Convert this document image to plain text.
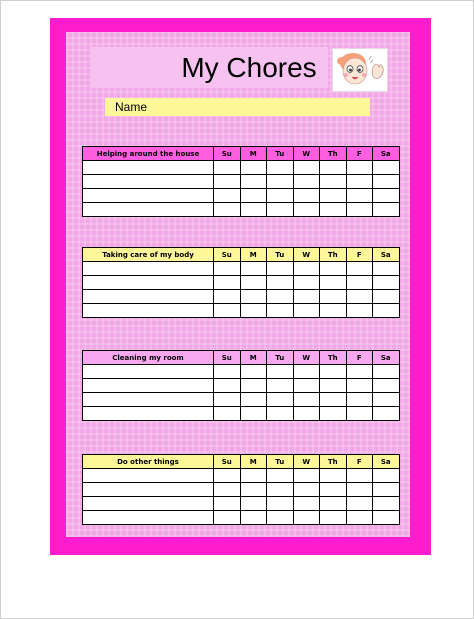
My Chores
Name
Helping around the house	Su	M	Tu	W	Th	F	Sa

Taking care of my body	Su	M	Tu	W	Th	F	Sa

Cleaning my room	Su	M	Tu	W	Th	F	Sa

Do other things	Su	M	Tu	W	Th	F	Sa
